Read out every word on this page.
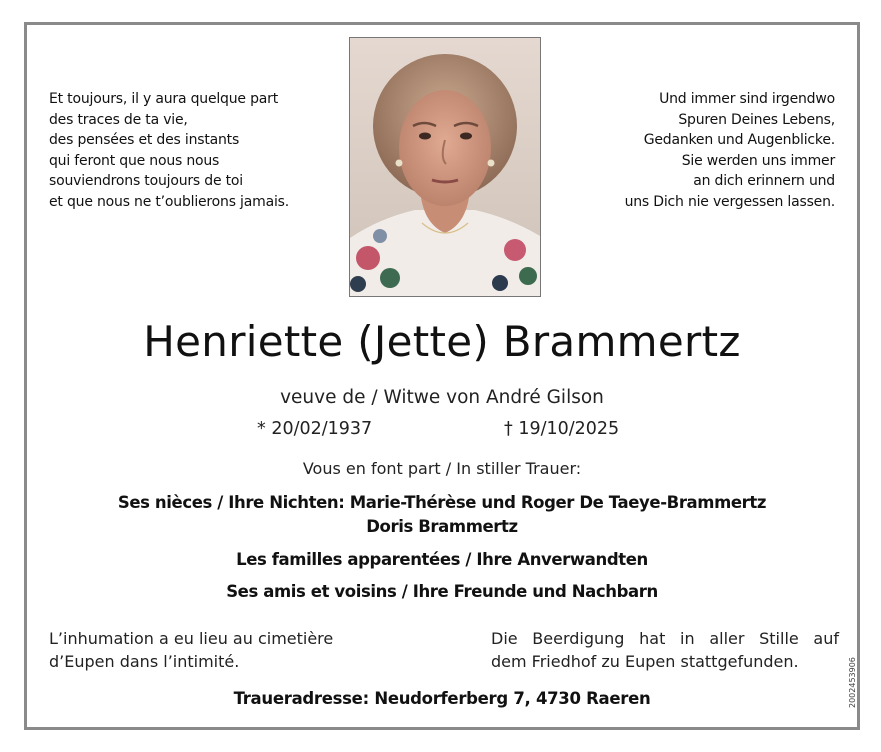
Et toujours, il y aura quelque part
des traces de ta vie,
des pensées et des instants
qui feront que nous nous
souviendrons toujours de toi
et que nous ne t’oublierons jamais.
Und immer sind irgendwo
Spuren Deines Lebens,
Gedanken und Augenblicke.
Sie werden uns immer
an dich erinnern und
uns Dich nie vergessen lassen.
Henriette (Jette) Brammertz
veuve de / Witwe von André Gilson
* 20/02/1937	† 19/10/2025
Vous en font part / In stiller Trauer:
Ses nièces / Ihre Nichten: Marie-Thérèse und Roger De Taeye-Brammertz
Doris Brammertz
Les familles apparentées / Ihre Anverwandten
Ses amis et voisins / Ihre Freunde und Nachbarn
L’inhumation a eu lieu au cimetière
d’Eupen dans l’intimité.
Die Beerdigung hat in aller Stille auf
dem Friedhof zu Eupen stattgefunden.
Traueradresse: Neudorferberg 7, 4730 Raeren	2002453906
